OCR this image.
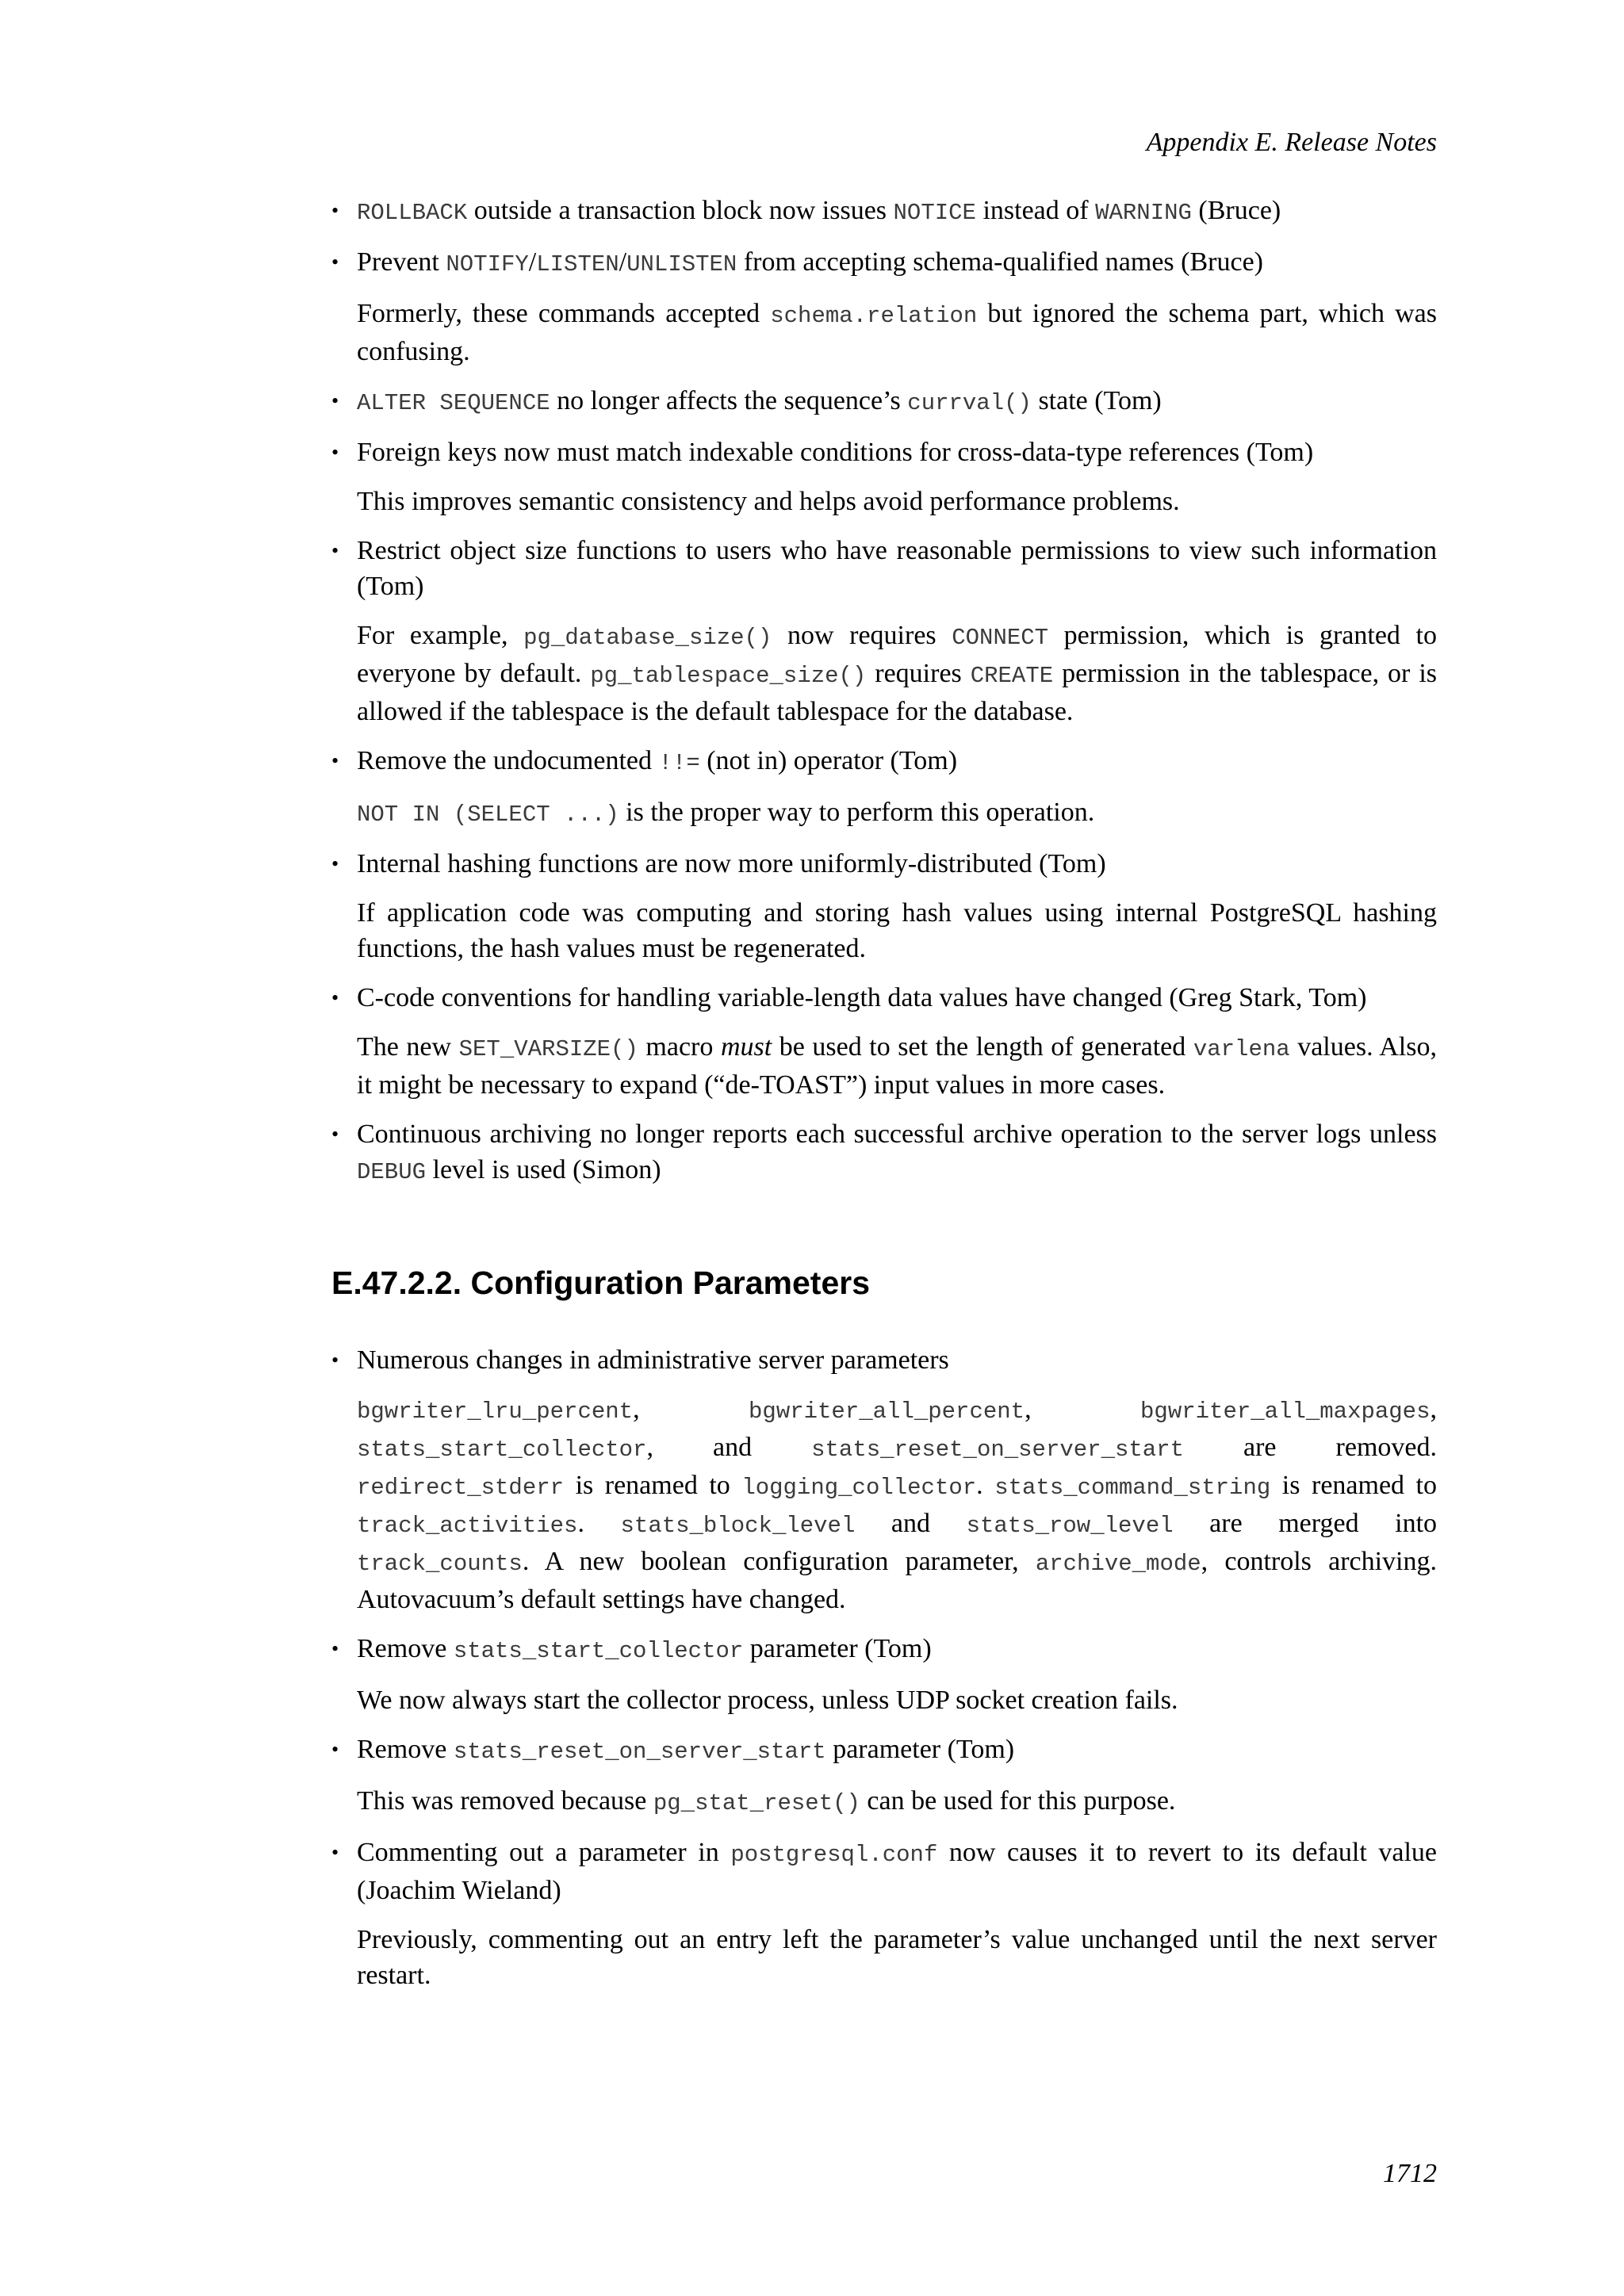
Appendix E. Release Notes

• ROLLBACK outside a transaction block now issues NOTICE instead of WARNING (Bruce)

• Prevent NOTIFY/LISTEN/UNLISTEN from accepting schema-qualified names (Bruce)

Formerly, these commands accepted schema.relation but ignored the schema part, which was confusing.

• ALTER SEQUENCE no longer affects the sequence’s currval() state (Tom)

• Foreign keys now must match indexable conditions for cross-data-type references (Tom)

This improves semantic consistency and helps avoid performance problems.

• Restrict object size functions to users who have reasonable permissions to view such information (Tom)

For example, pg_database_size() now requires CONNECT permission, which is granted to everyone by default. pg_tablespace_size() requires CREATE permission in the tablespace, or is allowed if the tablespace is the default tablespace for the database.

• Remove the undocumented !!= (not in) operator (Tom)

NOT IN (SELECT ...) is the proper way to perform this operation.

• Internal hashing functions are now more uniformly-distributed (Tom)

If application code was computing and storing hash values using internal PostgreSQL hashing functions, the hash values must be regenerated.

• C-code conventions for handling variable-length data values have changed (Greg Stark, Tom)

The new SET_VARSIZE() macro must be used to set the length of generated varlena values. Also, it might be necessary to expand (“de-TOAST”) input values in more cases.

• Continuous archiving no longer reports each successful archive operation to the server logs unless DEBUG level is used (Simon)

E.47.2.2. Configuration Parameters

• Numerous changes in administrative server parameters

bgwriter_lru_percent, bgwriter_all_percent, bgwriter_all_maxpages, stats_start_collector, and stats_reset_on_server_start are removed. redirect_stderr is renamed to logging_collector. stats_command_string is renamed to track_activities. stats_block_level and stats_row_level are merged into track_counts. A new boolean configuration parameter, archive_mode, controls archiving. Autovacuum’s default settings have changed.

• Remove stats_start_collector parameter (Tom)

We now always start the collector process, unless UDP socket creation fails.

• Remove stats_reset_on_server_start parameter (Tom)

This was removed because pg_stat_reset() can be used for this purpose.

• Commenting out a parameter in postgresql.conf now causes it to revert to its default value (Joachim Wieland)

Previously, commenting out an entry left the parameter’s value unchanged until the next server restart.

1712
